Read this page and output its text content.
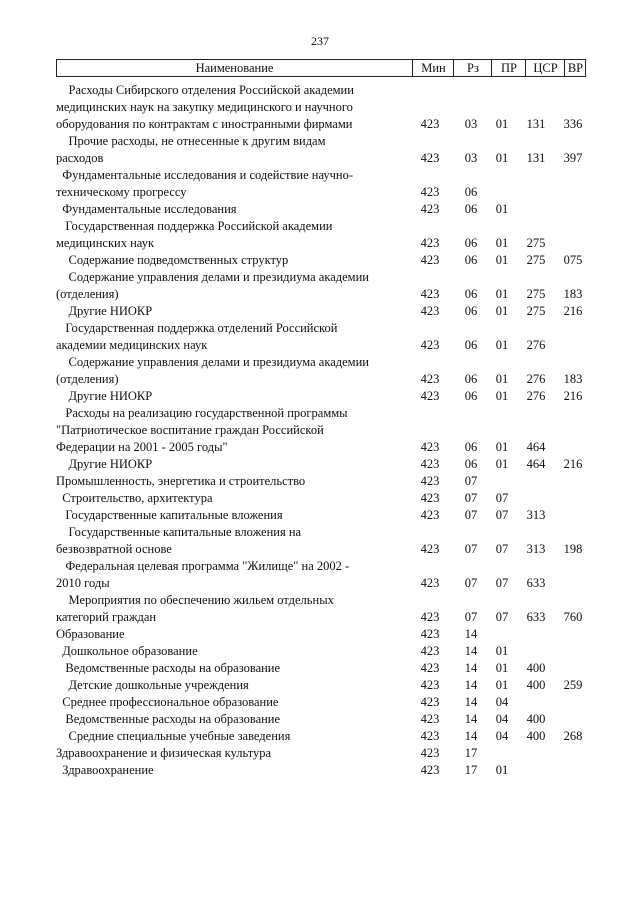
237
Наименование	Мин	Рз	ПР	ЦСР ВР
Расходы Сибирского отделения Российской академии
медицинских наук на закупку медицинского и научного
оборудования по контрактам с иностранными фирмами	423	03	01	131	336
Прочие расходы, не отнесенные к другим видам
расходов	423	03	01	131	397
Фундаментальные исследования и содействие научно-
техническому прогрессу	423	06
Фундаментальные исследования	423	06	01
Государственная поддержка Российской академии
медицинских наук	423	06	01	275
Содержание подведомственных структур	423	06	01	275	075
Содержание управления делами и президиума академии
(отделения)	423	06	01	275	183
Другие НИОКР	423	06	01	275	216
Государственная поддержка отделений Российской
академии медицинских наук	423	06	01	276
Содержание управления делами и президиума академии
(отделения)	423	06	01	276	183
Другие НИОКР	423	06	01	276	216
Расходы на реализацию государственной программы
"Патриотическое воспитание граждан Российской
Федерации на 2001 - 2005 годы"	423	06	01	464
Другие НИОКР	423	06	01	464	216
Промышленность, энергетика и строительство	423	07
Строительство, архитектура	423	07	07
Государственные капитальные вложения	423	07	07	313
Государственные капитальные вложения на
безвозвратной основе	423	07	07	313	198
Федеральная целевая программа "Жилище" на 2002 -
2010 годы	423	07	07	633
Мероприятия по обеспечению жильем отдельных
категорий граждан	423	07	07	633	760
Образование	423	14
Дошкольное образование	423	14	01
Ведомственные расходы на образование	423	14	01	400
Детские дошкольные учреждения	423	14	01	400	259
Среднее профессиональное образование	423	14	04
Ведомственные расходы на образование	423	14	04	400
Средние специальные учебные заведения	423	14	04	400	268
Здравоохранение и физическая культура	423	17
Здравоохранение	423	17	01
